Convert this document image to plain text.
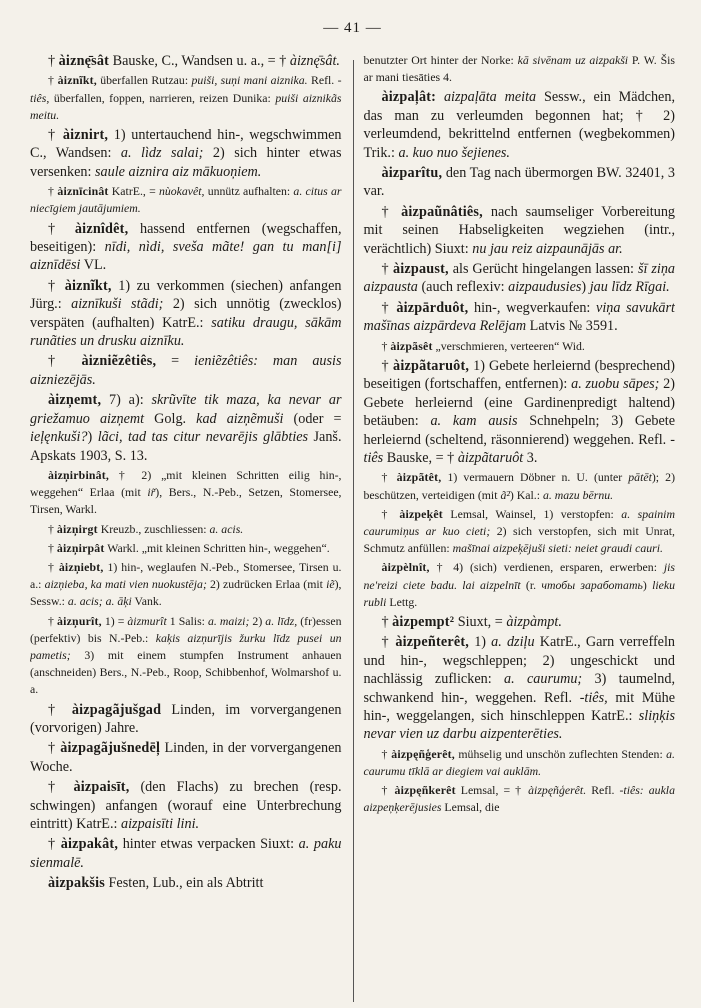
— 41 —

† àiznę̄sât Bauske, C., Wandsen u. a., = † àiznę̄sât.

† àiznĩkt, überfallen Rutzau: puiši, suņi mani aiznika. Refl. -tiês, überfallen, foppen, narrieren, reizen Dunika: puiši aiznikãs meitu.

† àiznirt, 1) untertauchend hin-, wegschwimmen C., Wandsen: a. lìdz salai; 2) sich hinter etwas versenken: saule aiznira aiz mākuoņiem.

† àiznīcinât KatrE., = nùokavêt, unnütz aufhalten: a. citus ar niecīgiem jautājumiem.

† àiznîdêt, hassend entfernen (wegschaffen, beseitigen): nīdi, nìdi, sveša mãte! gan tu man[i] aiznīdēsi VL.

† àiznĩkt, 1) zu verkommen (siechen) anfangen Jürg.: aiznīkuši stãdi; 2) sich unnötig (zwecklos) verspäten (aufhalten) KatrE.: satiku draugu, sākām runãties un drusku aiznīku.

† àizniẽzêtiês, = ieniẽzêtiês: man ausis aizniezējās.

àizņemt, 7) a): skrũvīte tik maza, ka nevar ar griežamuo aizņemt Golg. kad aizņẽmuši (oder = ieļęnkuši?) lãci, tad tas citur nevarējis glābties Janš. Apskats 1903, S. 13.

àizņirbinât, † 2) „mit kleinen Schritten eilig hin-, weggehen“ Erlaa (mit ir̃), Bers., N.-Peb., Setzen, Stomersee, Tirsen, Warkl.

† àizņirgt Kreuzb., zuschliessen: a. acis.

† àizņirpât Warkl. „mit kleinen Schritten hin-, weggehen“.

† àizņiebt, 1) hin-, weglaufen N.-Peb., Stomersee, Tirsen u. a.: aizņieba, ka mati vien nuokustēja; 2) zudrücken Erlaa (mit iẽ), Sessw.: a. acis; a. āķi Vank.

† àizņurît, 1) = àizmurît 1 Salis: a. maizi; 2) a. līdz, (fr)essen (perfektiv) bis N.-Peb.: kaķis aizņurījis žurku līdz pusei un pametis; 3) mit einem stumpfen Instrument anhauen (anschneiden) Bers., N.-Peb., Roop, Schibbenhof, Wolmarshof u. a.

† àizpagãjušgad Linden, im vorvergangenen (vorvorigen) Jahre.

† àizpagãjušnedēļ Linden, in der vorvergangenen Woche.

† àizpaisīt, (den Flachs) zu brechen (resp. schwingen) anfangen (worauf eine Unterbrechung eintritt) KatrE.: aizpaisīti lini.

† àizpakât, hinter etwas verpacken Siuxt: a. paku sienmalē.

àizpakšis Festen, Lub., ein als Abtritt

benutzter Ort hinter der Norke: kā sivēnam uz aizpakši P. W. Šis ar mani tiesāties 4.

àizpaļât: aizpaļāta meita Sessw., ein Mädchen, das man zu verleumden begonnen hat; † 2) verleumdend, bekrittelnd entfernen (wegbekommen) Trik.: a. kuo nuo šejienes.

àizparîtu, den Tag nach übermorgen BW. 32401, 3 var.

† àizpaũnâtiês, nach saumseliger Vorbereitung mit seinen Habseligkeiten wegziehen (intr., verächtlich) Siuxt: nu jau reiz aizpaunājās ar.

† àizpaust, als Gerücht hingelangen lassen: šī ziņa aizpausta (auch reflexiv: aizpaudusies) jau līdz Rīgai.

† àizpārduôt, hin-, wegverkaufen: viņa savukārt mašīnas aizpārdeva Relējam Latvis № 3591.

† àizpãsêt „verschmieren, verteeren“ Wid.

† àizpãtaruôt, 1) Gebete herleiernd (besprechend) beseitigen (fortschaffen, entfernen): a. zuobu sāpes; 2) Gebete herleiernd (eine Gardinenpredigt haltend) betäuben: a. kam ausis Schnehpeln; 3) Gebete herleiernd (scheltend, räsonnierend) weggehen. Refl. -tiês Bauske, = † àizpãtaruôt 3.

† àizpãtêt, 1) vermauern Döbner n. U. (unter pātēt); 2) beschützen, verteidigen (mit ã²) Kal.: a. mazu bērnu.

† àizpeķêt Lemsal, Wainsel, 1) verstopfen: a. spainim caurumiņus ar kuo cieti; 2) sich verstopfen, sich mit Unrat, Schmutz anfüllen: mašīnai aizpeķējuši sieti: neiet graudi cauri.

àizpèlnît, † 4) (sich) verdienen, ersparen, erwerben: jis ne'reizi ciete badu. lai aizpelnīt (r. чтобы заработать) lieku rubli Lettg.

† àizpempt² Siuxt, = àizpàmpt.

† àizpeñterêt, 1) a. dziļu KatrE., Garn verreffeln und hin-, wegschleppen; 2) ungeschickt und nachlässig zuflicken: a. caurumu; 3) taumelnd, schwankend hin-, weggehen. Refl. -tiês, mit Mühe hin-, weggelangen, sich hinschleppen KatrE.: sliņķis nevar vien uz darbu aizpenterēties.

† àizpęñģerêt, mühselig und unschön zuflechten Stenden: a. caurumu tīklā ar diegiem vai auklām.

† àizpęñkerêt Lemsal, = † àizpęñģerêt. Refl. -tiês: aukla aizpeņķerējusies Lemsal, die
